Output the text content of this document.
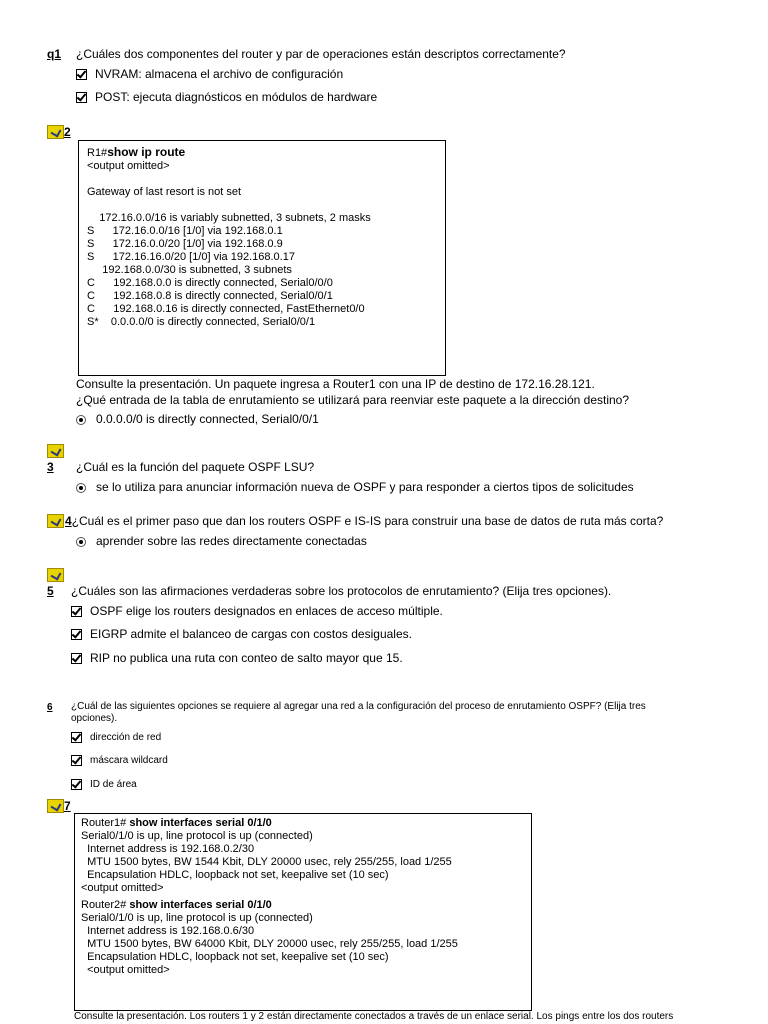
q1 ¿Cuáles dos componentes del router y par de operaciones están descriptos correctamente?
NVRAM: almacena el archivo de configuración
POST: ejecuta diagnósticos en módulos de hardware
2
R1#show ip route
<output omitted>
Gateway of last resort is not set
172.16.0.0/16 is variably subnetted, 3 subnets, 2 masks
S      172.16.0.0/16 [1/0] via 192.168.0.1
S      172.16.0.0/20 [1/0] via 192.168.0.9
S      172.16.16.0/20 [1/0] via 192.168.0.17
192.168.0.0/30 is subnetted, 3 subnets
C      192.168.0.0 is directly connected, Serial0/0/0
C      192.168.0.8 is directly connected, Serial0/0/1
C      192.168.0.16 is directly connected, FastEthernet0/0
S*    0.0.0.0/0 is directly connected, Serial0/0/1
Consulte la presentación. Un paquete ingresa a Router1 con una IP de destino de 172.16.28.121.
¿Qué entrada de la tabla de enrutamiento se utilizará para reenviar este paquete a la dirección destino?
0.0.0.0/0 is directly connected, Serial0/0/1
3 ¿Cuál es la función del paquete OSPF LSU?
se lo utiliza para anunciar información nueva de OSPF y para responder a ciertos tipos de solicitudes
4¿Cuál es el primer paso que dan los routers OSPF e IS-IS para construir una base de datos de ruta más corta?
aprender sobre las redes directamente conectadas
5 ¿Cuáles son las afirmaciones verdaderas sobre los protocolos de enrutamiento? (Elija tres opciones).
OSPF elige los routers designados en enlaces de acceso múltiple.
EIGRP admite el balanceo de cargas con costos desiguales.
RIP no publica una ruta con conteo de salto mayor que 15.
6 ¿Cuál de las siguientes opciones se requiere al agregar una red a la configuración del proceso de enrutamiento OSPF? (Elija tres
opciones).
dirección de red
máscara wildcard
ID de área
7
Router1# show interfaces serial 0/1/0
Serial0/1/0 is up, line protocol is up (connected)
Internet address is 192.168.0.2/30
MTU 1500 bytes, BW 1544 Kbit, DLY 20000 usec, rely 255/255, load 1/255
Encapsulation HDLC, loopback not set, keepalive set (10 sec)
<output omitted>
Router2# show interfaces serial 0/1/0
Serial0/1/0 is up, line protocol is up (connected)
Internet address is 192.168.0.6/30
MTU 1500 bytes, BW 64000 Kbit, DLY 20000 usec, rely 255/255, load 1/255
Encapsulation HDLC, loopback not set, keepalive set (10 sec)
<output omitted>
Consulte la presentación. Los routers 1 y 2 están directamente conectados a través de un enlace serial. Los pings entre los dos routers
